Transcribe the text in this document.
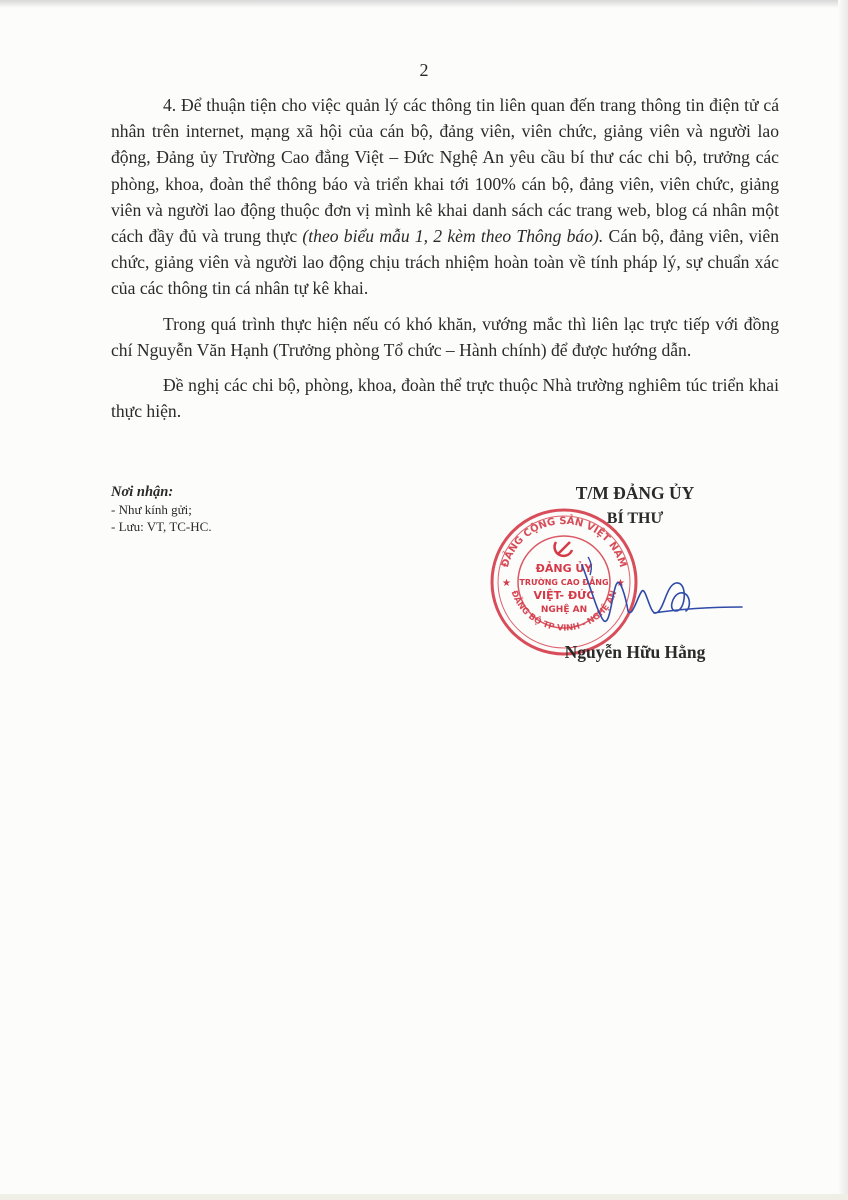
2

4. Để thuận tiện cho việc quản lý các thông tin liên quan đến trang thông tin điện tử cá nhân trên internet, mạng xã hội của cán bộ, đảng viên, viên chức, giảng viên và người lao động, Đảng ủy Trường Cao đẳng Việt – Đức Nghệ An yêu cầu bí thư các chi bộ, trưởng các phòng, khoa, đoàn thể thông báo và triển khai tới 100% cán bộ, đảng viên, viên chức, giảng viên và người lao động thuộc đơn vị mình kê khai danh sách các trang web, blog cá nhân một cách đầy đủ và trung thực (theo biểu mẫu 1, 2 kèm theo Thông báo). Cán bộ, đảng viên, viên chức, giảng viên và người lao động chịu trách nhiệm hoàn toàn về tính pháp lý, sự chuẩn xác của các thông tin cá nhân tự kê khai.

Trong quá trình thực hiện nếu có khó khăn, vướng mắc thì liên lạc trực tiếp với đồng chí Nguyễn Văn Hạnh (Trưởng phòng Tổ chức – Hành chính) để được hướng dẫn.

Đề nghị các chi bộ, phòng, khoa, đoàn thể trực thuộc Nhà trường nghiêm túc triển khai thực hiện.

Nơi nhận:
- Như kính gửi;
- Lưu: VT, TC-HC.
ĐẢNG CỘNG SẢN VIỆT NAM
ĐẢNG BỘ TP VINH - NGHỆ AN
★	★
ĐẢNG ỦY
TRƯỜNG CAO ĐẲNG
VIỆT- ĐỨC
NGHỆ AN
T/M ĐẢNG ỦY
BÍ THƯ
Nguyễn Hữu Hằng
